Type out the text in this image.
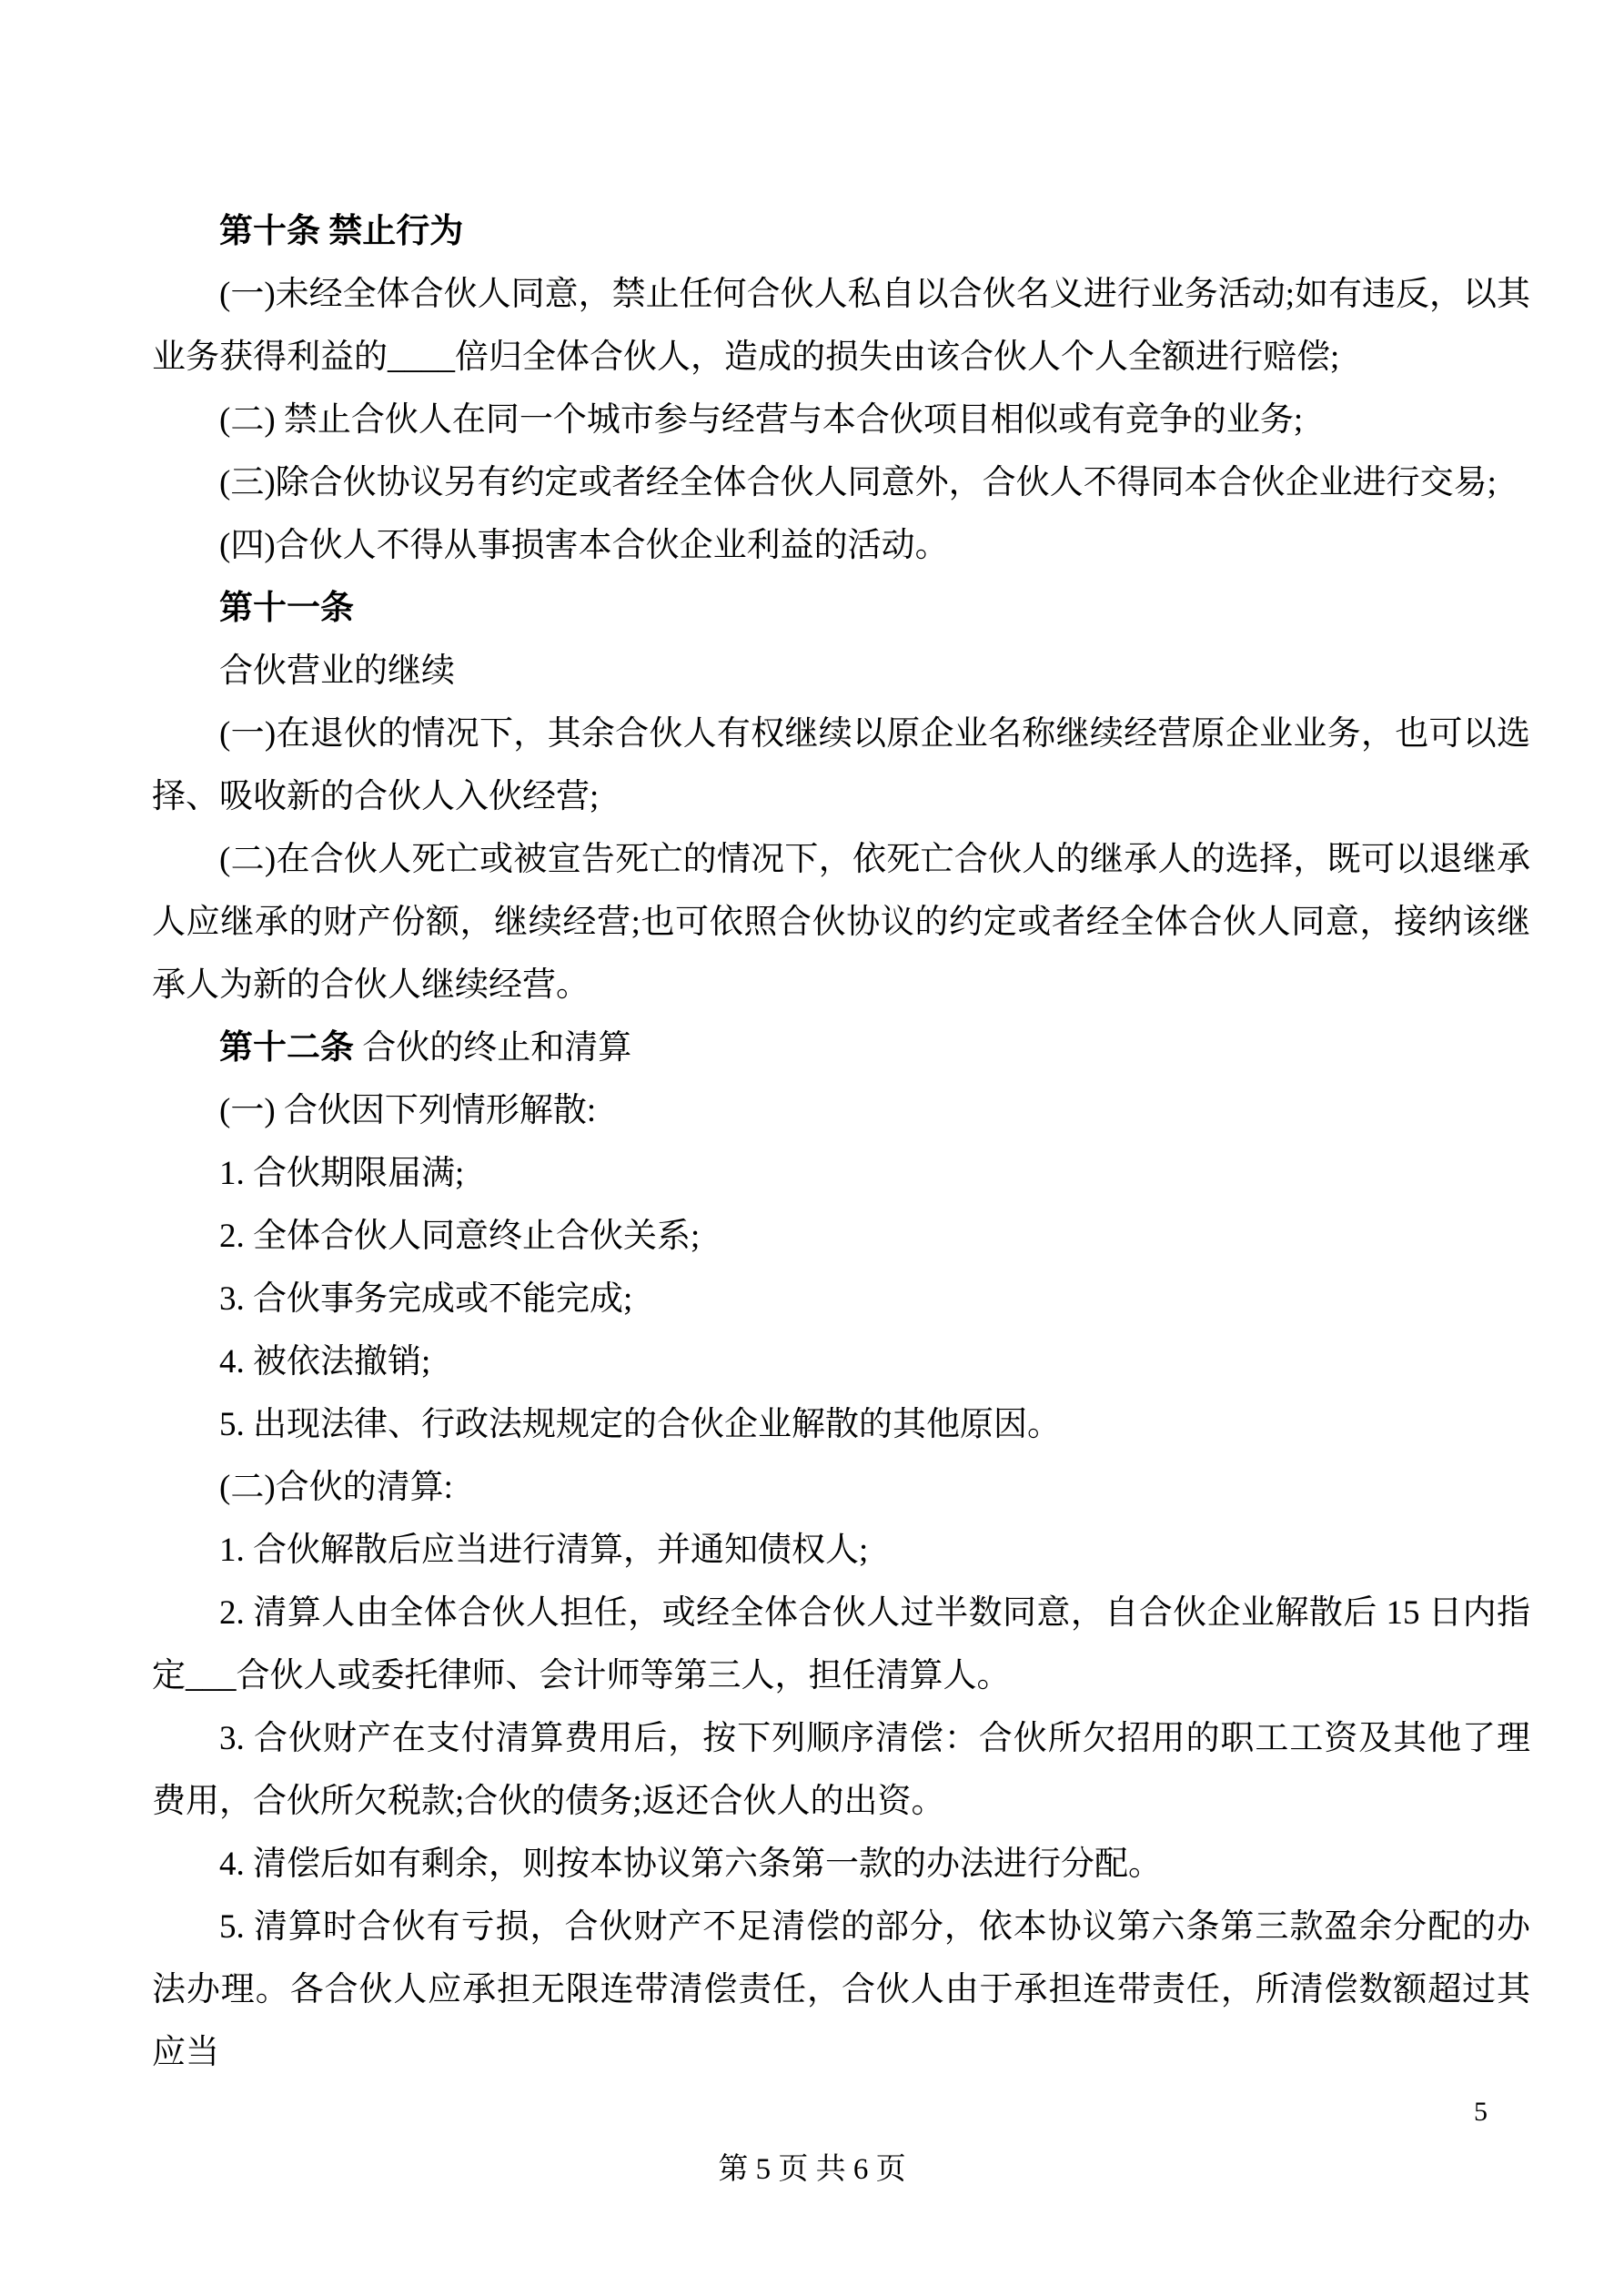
第十条 禁止行为

(一)未经全体合伙人同意，禁止任何合伙人私自以合伙名义进行业务活动;如有违反，以其业务获得利益的____倍归全体合伙人，造成的损失由该合伙人个人全额进行赔偿;

(二) 禁止合伙人在同一个城市参与经营与本合伙项目相似或有竞争的业务;

(三)除合伙协议另有约定或者经全体合伙人同意外，合伙人不得同本合伙企业进行交易;

(四)合伙人不得从事损害本合伙企业利益的活动。

第十一条

合伙营业的继续

(一)在退伙的情况下，其余合伙人有权继续以原企业名称继续经营原企业业务，也可以选择、吸收新的合伙人入伙经营;

(二)在合伙人死亡或被宣告死亡的情况下，依死亡合伙人的继承人的选择，既可以退继承人应继承的财产份额，继续经营;也可依照合伙协议的约定或者经全体合伙人同意，接纳该继承人为新的合伙人继续经营。

第十二条 合伙的终止和清算

(一) 合伙因下列情形解散:

1. 合伙期限届满;

2. 全体合伙人同意终止合伙关系;

3. 合伙事务完成或不能完成;

4. 被依法撤销;

5. 出现法律、行政法规规定的合伙企业解散的其他原因。

(二)合伙的清算:

1. 合伙解散后应当进行清算，并通知债权人;

2. 清算人由全体合伙人担任，或经全体合伙人过半数同意，自合伙企业解散后 15 日内指定___合伙人或委托律师、会计师等第三人，担任清算人。

3. 合伙财产在支付清算费用后，按下列顺序清偿：合伙所欠招用的职工工资及其他了理费用，合伙所欠税款;合伙的债务;返还合伙人的出资。

4. 清偿后如有剩余，则按本协议第六条第一款的办法进行分配。

5. 清算时合伙有亏损，合伙财产不足清偿的部分，依本协议第六条第三款盈余分配的办法办理。各合伙人应承担无限连带清偿责任，合伙人由于承担连带责任，所清偿数额超过其应当

5
第 5 页 共 6 页
